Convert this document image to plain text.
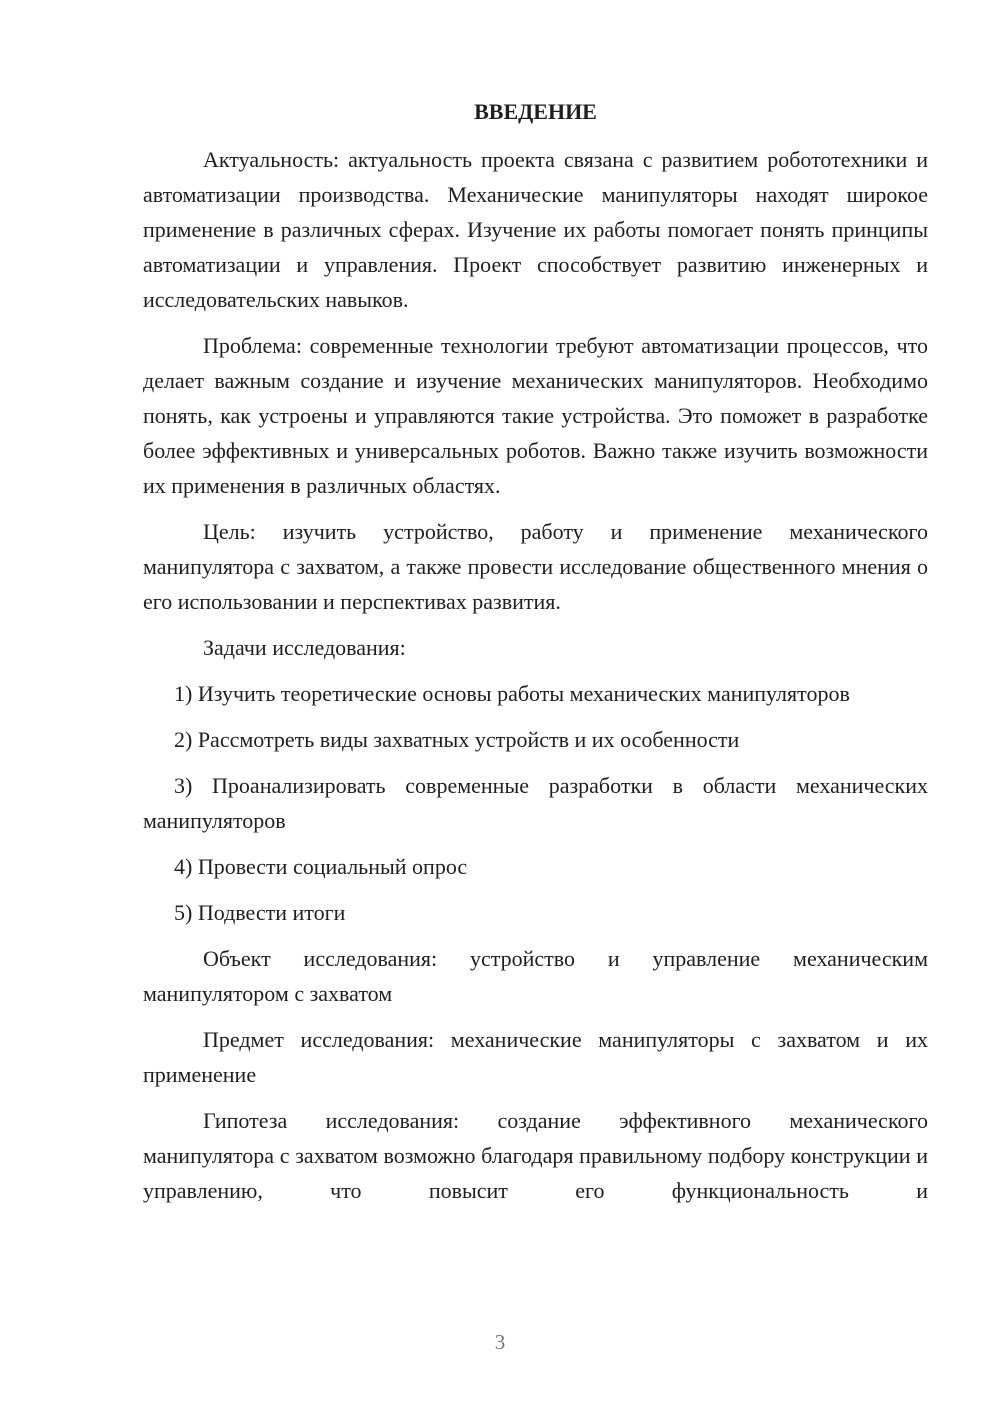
ВВЕДЕНИЕ

Актуальность: актуальность проекта связана с развитием робототехники и автоматизации производства. Механические манипуляторы находят широкое применение в различных сферах. Изучение их работы помогает понять принципы автоматизации и управления. Проект способствует развитию инженерных и исследовательских навыков.

Проблема: современные технологии требуют автоматизации процессов, что делает важным создание и изучение механических манипуляторов. Необходимо понять, как устроены и управляются такие устройства. Это поможет в разработке более эффективных и универсальных роботов. Важно также изучить возможности их применения в различных областях.

Цель: изучить устройство, работу и применение механического манипулятора с захватом, а также провести исследование общественного мнения о его использовании и перспективах развития.

Задачи исследования:

1) Изучить теоретические основы работы механических манипуляторов

2) Рассмотреть виды захватных устройств и их особенности

3) Проанализировать современные разработки в области механических манипуляторов

4) Провести социальный опрос

5) Подвести итоги

Объект исследования: устройство и управление механическим манипулятором с захватом

Предмет исследования: механические манипуляторы с захватом и их применение

Гипотеза исследования: создание эффективного механического манипулятора с захватом возможно благодаря правильному подбору конструкции и управлению, что повысит его функциональность и

3
